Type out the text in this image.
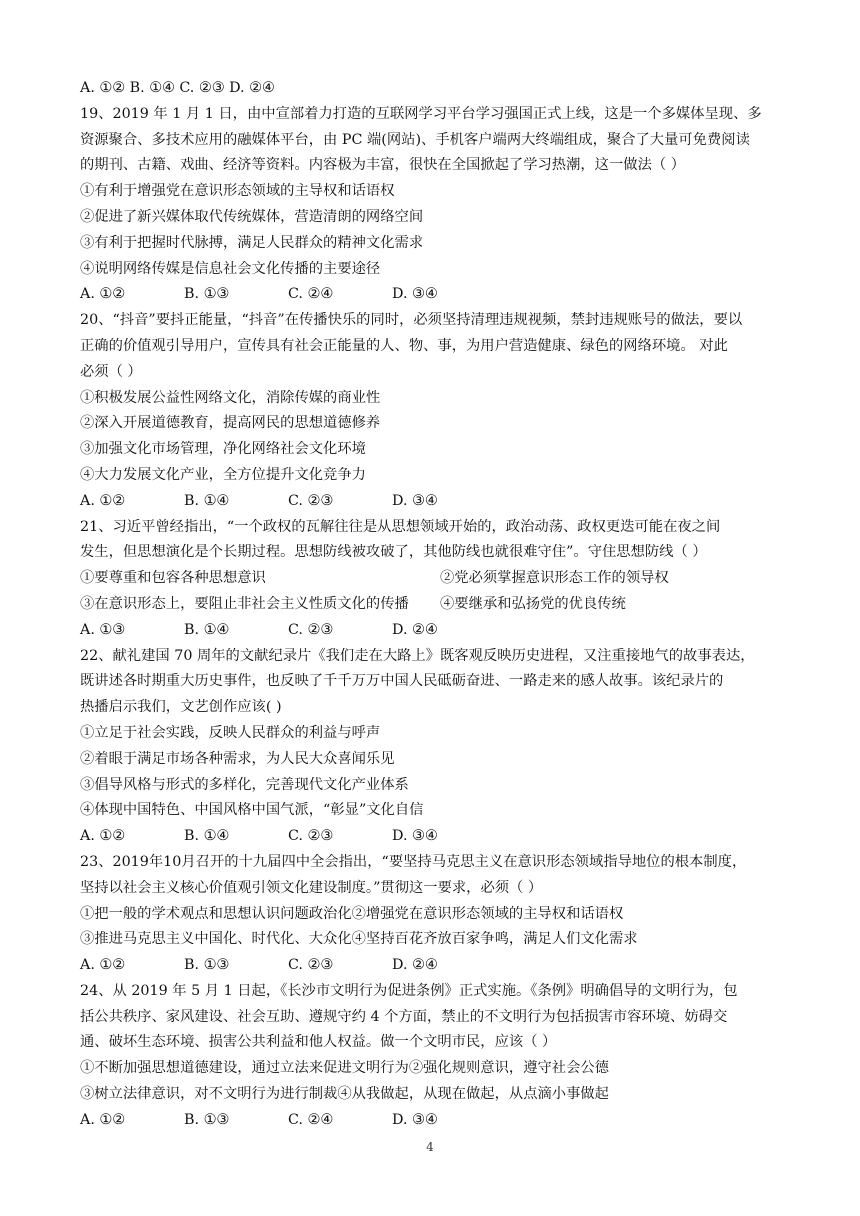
A. ①② B. ①④ C. ②③ D. ②④
19、2019 年 1 月 1 日，由中宣部着力打造的互联网学习平台学习强国正式上线，这是一个多媒体呈现、多
资源聚合、多技术应用的融媒体平台，由 PC 端(网站)、手机客户端两大终端组成，聚合了大量可免费阅读
的期刊、古籍、戏曲、经济等资料。内容极为丰富，很快在全国掀起了学习热潮，这一做法（ ）
①有利于增强党在意识形态领域的主导权和话语权
②促进了新兴媒体取代传统媒体，营造清朗的网络空间
③有利于把握时代脉搏，满足人民群众的精神文化需求
④说明网络传媒是信息社会文化传播的主要途径
A. ①②	B. ①③	C. ②④	D. ③④
20、“抖音”要抖正能量，“抖音”在传播快乐的同时，必须坚持清理违规视频，禁封违规账号的做法，要以
正确的价值观引导用户，宣传具有社会正能量的人、物、事，为用户营造健康、绿色的网络环境。 对此
必须（ ）
①积极发展公益性网络文化，消除传媒的商业性
②深入开展道德教育，提高网民的思想道德修养
③加强文化市场管理，净化网络社会文化环境
④大力发展文化产业，全方位提升文化竞争力
A. ①②	B. ①④	C. ②③	D. ③④
21、习近平曾经指出，“一个政权的瓦解往往是从思想领域开始的，政治动荡、政权更迭可能在夜之间
发生，但思想演化是个长期过程。思想防线被攻破了，其他防线也就很难守住”。守住思想防线（ ）
①要尊重和包容各种思想意识	②党必须掌握意识形态工作的领导权
③在意识形态上，要阻止非社会主义性质文化的传播	④要继承和弘扬党的优良传统
A. ①③	B. ①④	C. ②③	D. ②④
22、献礼建国 70 周年的文献纪录片《我们走在大路上》既客观反映历史进程，又注重接地气的故事表达，
既讲述各时期重大历史事件，也反映了千千万万中国人民砥砺奋进、一路走来的感人故事。该纪录片的
热播启示我们，文艺创作应该( )
①立足于社会实践，反映人民群众的利益与呼声
②着眼于满足市场各种需求，为人民大众喜闻乐见
③倡导风格与形式的多样化，完善现代文化产业体系
④体现中国特色、中国风格中国气派，“彰显”文化自信
A. ①②	B. ①④	C. ②③	D. ③④
23、2019年10月召开的十九届四中全会指出，“要坚持马克思主义在意识形态领域指导地位的根本制度，
坚持以社会主义核心价值观引领文化建设制度。”贯彻这一要求，必须（ ）
①把一般的学术观点和思想认识问题政治化②增强党在意识形态领域的主导权和话语权
③推进马克思主义中国化、时代化、大众化④坚持百花齐放百家争鸣，满足人们文化需求
A. ①②	B. ①③	C. ②③	D. ②④
24、从 2019 年 5 月 1 日起，《长沙市文明行为促进条例》正式实施。《条例》明确倡导的文明行为，包
括公共秩序、家风建设、社会互助、遵规守约 4 个方面，禁止的不文明行为包括损害市容环境、妨碍交
通、破坏生态环境、损害公共利益和他人权益。做一个文明市民，应该（ ）
①不断加强思想道德建设，通过立法来促进文明行为②强化规则意识，遵守社会公德
③树立法律意识，对不文明行为进行制裁④从我做起，从现在做起，从点滴小事做起
A. ①②	B. ①③	C. ②④	D. ③④
4
